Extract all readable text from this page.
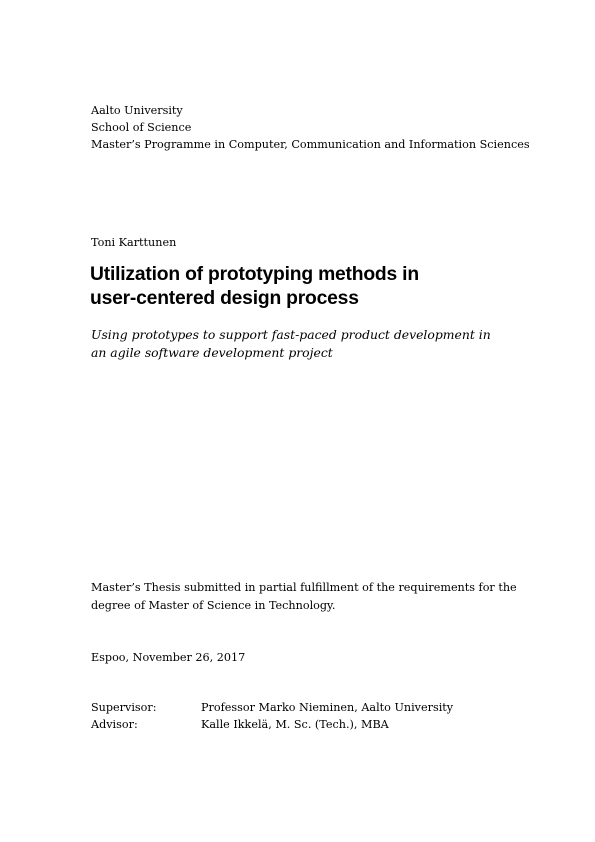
Aalto University
School of Science
Master’s Programme in Computer, Communication and Information Sciences
Toni Karttunen
Utilization of prototyping methods in
user-centered design process
Using prototypes to support fast-paced product development in
an agile software development project
Master’s Thesis submitted in partial fulfillment of the requirements for the
degree of Master of Science in Technology.
Espoo, November 26, 2017
Supervisor:	Professor Marko Nieminen, Aalto University
Advisor:	Kalle Ikkelä, M. Sc. (Tech.), MBA
